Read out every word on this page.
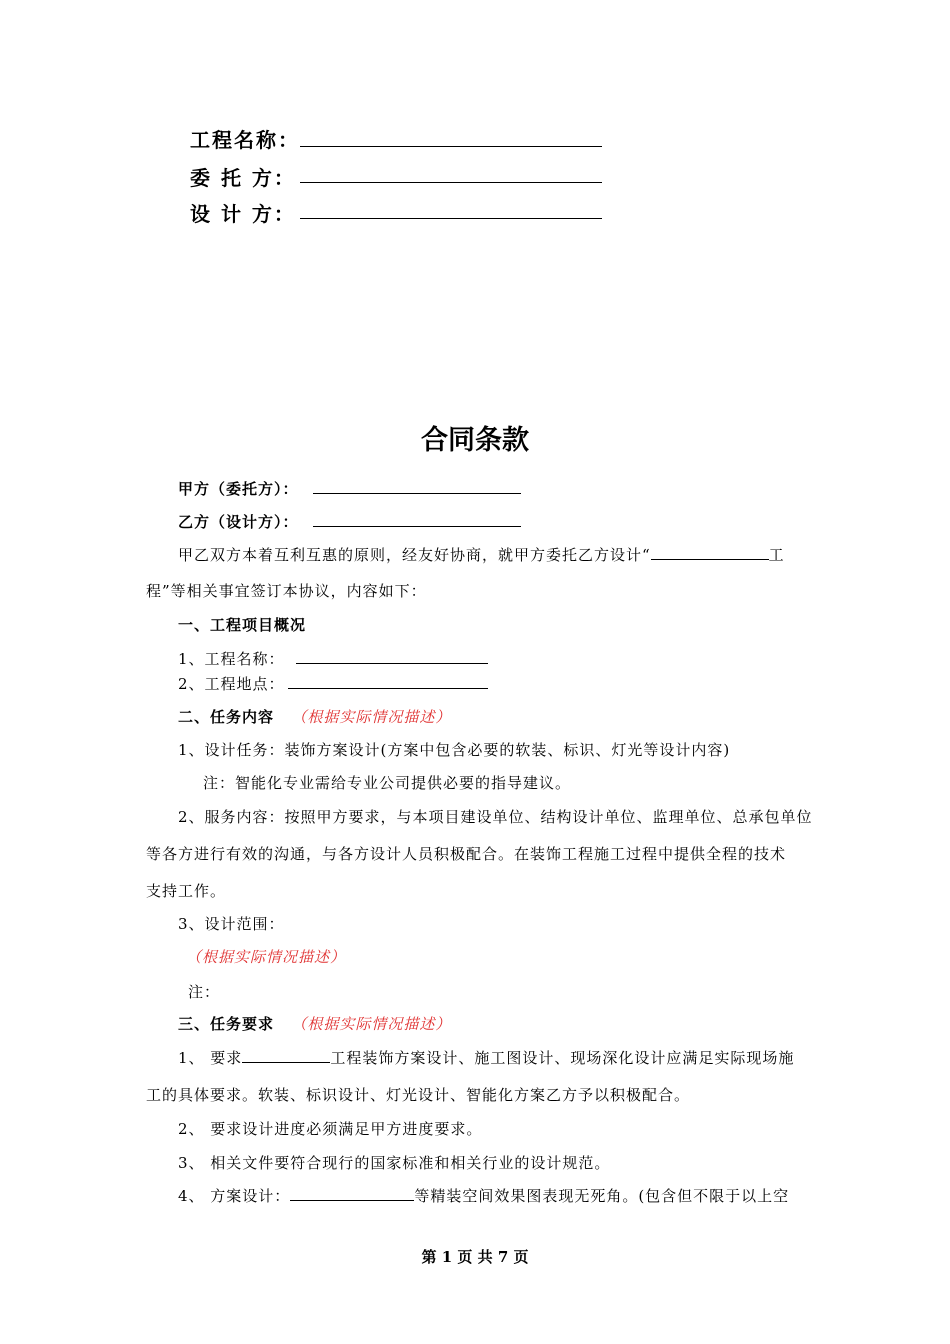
工程名称：
委 托 方：
设 计 方：
合同条款
甲方（委托方）：
乙方（设计方）：
甲乙双方本着互利互惠的原则，经友好协商，就甲方委托乙方设计“	工
程”等相关事宜签订本协议，内容如下：
一、工程项目概况
1、工程名称：
2、工程地点：
二、任务内容 （根据实际情况描述）
1、设计任务：装饰方案设计(方案中包含必要的软装、标识、灯光等设计内容)
注：智能化专业需给专业公司提供必要的指导建议。
2、服务内容：按照甲方要求，与本项目建设单位、结构设计单位、监理单位、总承包单位
等各方进行有效的沟通，与各方设计人员积极配合。在装饰工程施工过程中提供全程的技术
支持工作。
3、设计范围：
（根据实际情况描述）
注：
三、任务要求 （根据实际情况描述）
1、 要求	工程装饰方案设计、施工图设计、现场深化设计应满足实际现场施
工的具体要求。软装、标识设计、灯光设计、智能化方案乙方予以积极配合。
2、 要求设计进度必须满足甲方进度要求。
3、 相关文件要符合现行的国家标准和相关行业的设计规范。
4、 方案设计：	等精装空间效果图表现无死角。(包含但不限于以上空
第 1 页 共 7 页
